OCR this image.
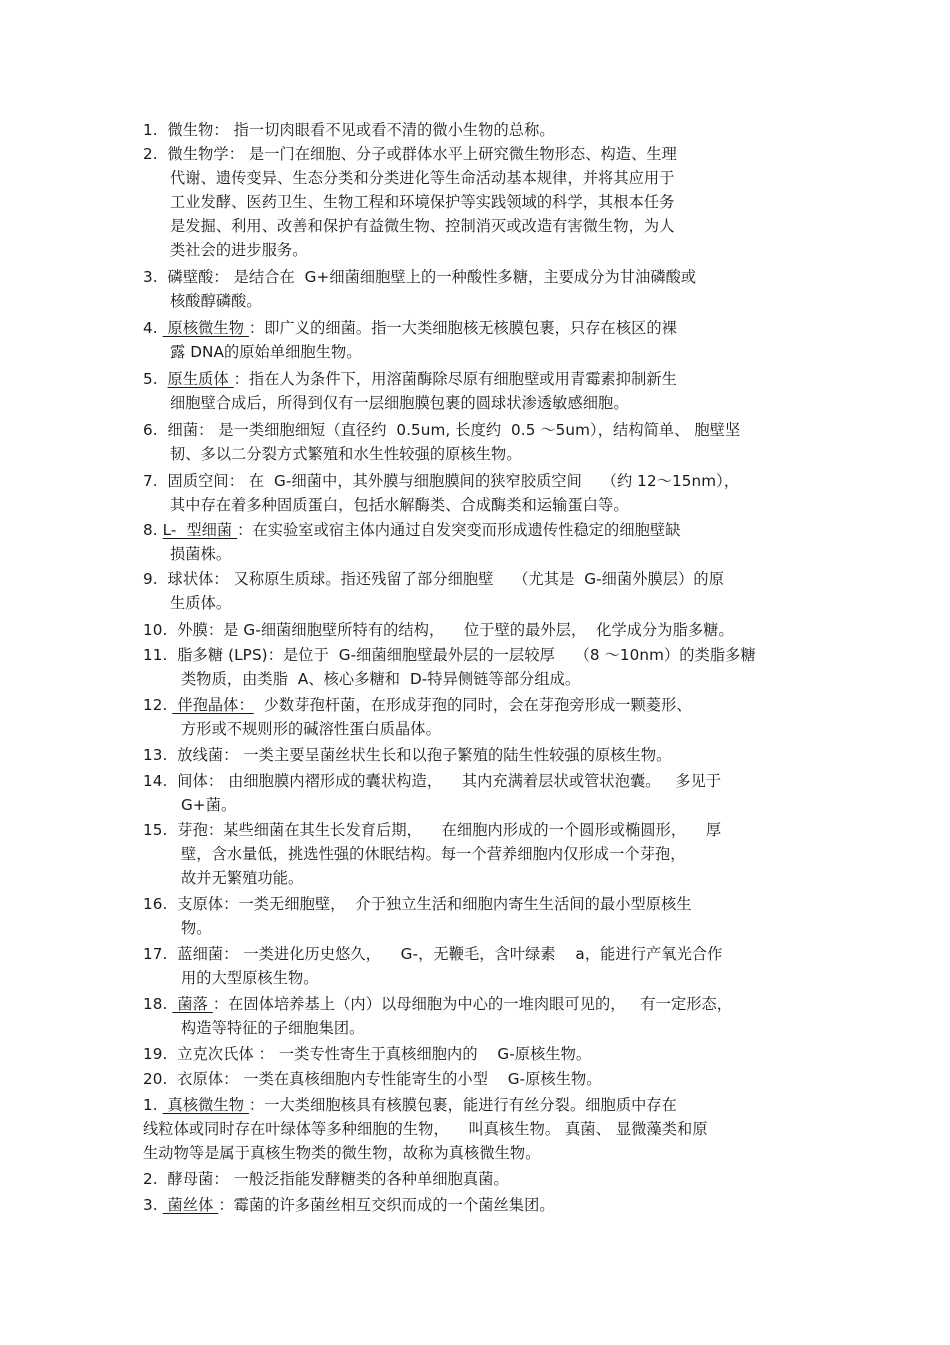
1.  微生物： 指一切肉眼看不见或看不清的微小生物的总称。
2.  微生物学： 是一门在细胞、分子或群体水平上研究微生物形态、构造、生理
代谢、遗传变异、生态分类和分类进化等生命活动基本规律，并将其应用于
工业发酵、医药卫生、生物工程和环境保护等实践领域的科学，其根本任务
是发掘、利用、改善和保护有益微生物、控制消灭或改造有害微生物，为人
类社会的进步服务。
3.  磷壁酸： 是结合在  G+细菌细胞壁上的一种酸性多糖，主要成分为甘油磷酸或
核酸醇磷酸。
4.  原核微生物 ：即广义的细菌。指一大类细胞核无核膜包裹，只存在核区的裸
露 DNA的原始单细胞生物。
5.  原生质体 ：指在人为条件下，用溶菌酶除尽原有细胞壁或用青霉素抑制新生
细胞壁合成后，所得到仅有一层细胞膜包裹的圆球状渗透敏感细胞。
6.  细菌： 是一类细胞细短（直径约  0.5um, 长度约  0.5 ～5um），结构简单、 胞壁坚
韧、多以二分裂方式繁殖和水生性较强的原核生物。
7.  固质空间： 在  G-细菌中，其外膜与细胞膜间的狭窄胶质空间    （约 12～15nm），
其中存在着多种固质蛋白，包括水解酶类、合成酶类和运输蛋白等。
8. L-  型细菌 ：在实验室或宿主体内通过自发突变而形成遗传性稳定的细胞壁缺
损菌株。
9.  球状体： 又称原生质球。指还残留了部分细胞壁    （尤其是  G-细菌外膜层）的原
生质体。
10.  外膜：是 G-细菌细胞壁所特有的结构，    位于壁的最外层，  化学成分为脂多糖。
11.  脂多糖 (LPS)：是位于  G-细菌细胞壁最外层的一层较厚    （8 ～10nm）的类脂多糖
类物质，由类脂  A、核心多糖和  D-特异侧链等部分组成。
12.  伴孢晶体：  少数芽孢杆菌，在形成芽孢的同时，会在芽孢旁形成一颗菱形、
方形或不规则形的碱溶性蛋白质晶体。
13.  放线菌： 一类主要呈菌丝状生长和以孢子繁殖的陆生性较强的原核生物。
14.  间体： 由细胞膜内褶形成的囊状构造，    其内充满着层状或管状泡囊。   多见于
G+菌。
15.  芽孢：某些细菌在其生长发育后期，    在细胞内形成的一个圆形或椭圆形，    厚
壁，含水量低，挑选性强的休眠结构。每一个营养细胞内仅形成一个芽孢，
故并无繁殖功能。
16.  支原体：一类无细胞壁，  介于独立生活和细胞内寄生生活间的最小型原核生
物。
17.  蓝细菌： 一类进化历史悠久，    G-，无鞭毛，含叶绿素    a，能进行产氧光合作
用的大型原核生物。
18.  菌落 ：在固体培养基上（内）以母细胞为中心的一堆肉眼可见的，   有一定形态，
构造等特征的子细胞集团。
19.  立克次氏体 ： 一类专性寄生于真核细胞内的    G-原核生物。
20.  衣原体： 一类在真核细胞内专性能寄生的小型    G-原核生物。
1.  真核微生物 ：一大类细胞核具有核膜包裹，能进行有丝分裂。细胞质中存在
线粒体或同时存在叶绿体等多种细胞的生物，    叫真核生物。 真菌、 显微藻类和原
生动物等是属于真核生物类的微生物，故称为真核微生物。
2.  酵母菌： 一般泛指能发酵糖类的各种单细胞真菌。
3.  菌丝体 ：霉菌的许多菌丝相互交织而成的一个菌丝集团。
